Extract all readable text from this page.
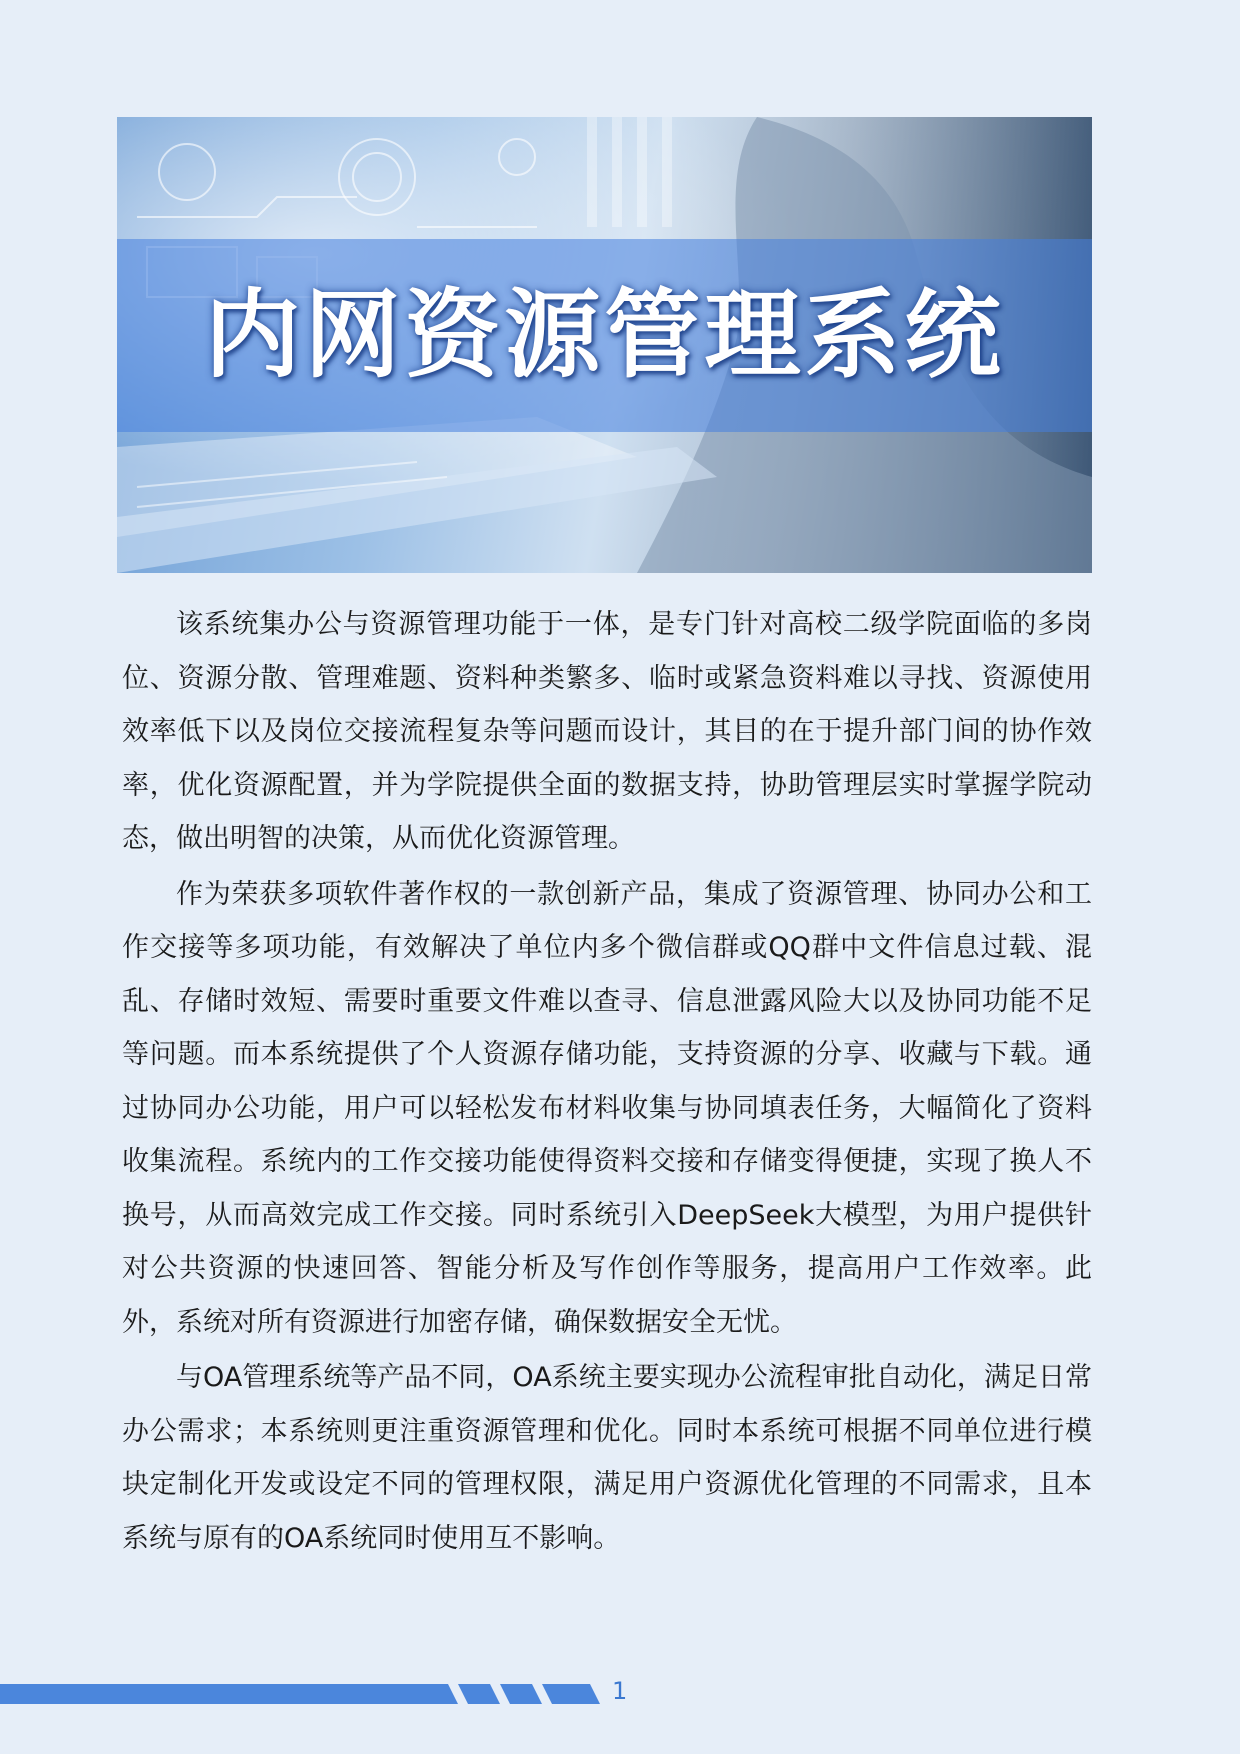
内网资源管理系统

该系统集办公与资源管理功能于一体，是专门针对高校二级学院面临的多岗位、资源分散、管理难题、资料种类繁多、临时或紧急资料难以寻找、资源使用效率低下以及岗位交接流程复杂等问题而设计，其目的在于提升部门间的协作效率，优化资源配置，并为学院提供全面的数据支持，协助管理层实时掌握学院动态，做出明智的决策，从而优化资源管理。

作为荣获多项软件著作权的一款创新产品，集成了资源管理、协同办公和工作交接等多项功能，有效解决了单位内多个微信群或QQ群中文件信息过载、混乱、存储时效短、需要时重要文件难以查寻、信息泄露风险大以及协同功能不足等问题。而本系统提供了个人资源存储功能，支持资源的分享、收藏与下载。通过协同办公功能，用户可以轻松发布材料收集与协同填表任务，大幅简化了资料收集流程。系统内的工作交接功能使得资料交接和存储变得便捷，实现了换人不换号，从而高效完成工作交接。同时系统引入DeepSeek大模型，为用户提供针对公共资源的快速回答、智能分析及写作创作等服务，提高用户工作效率。此外，系统对所有资源进行加密存储，确保数据安全无忧。

与OA管理系统等产品不同，OA系统主要实现办公流程审批自动化，满足日常办公需求；本系统则更注重资源管理和优化。同时本系统可根据不同单位进行模块定制化开发或设定不同的管理权限，满足用户资源优化管理的不同需求，且本系统与原有的OA系统同时使用互不影响。

1
